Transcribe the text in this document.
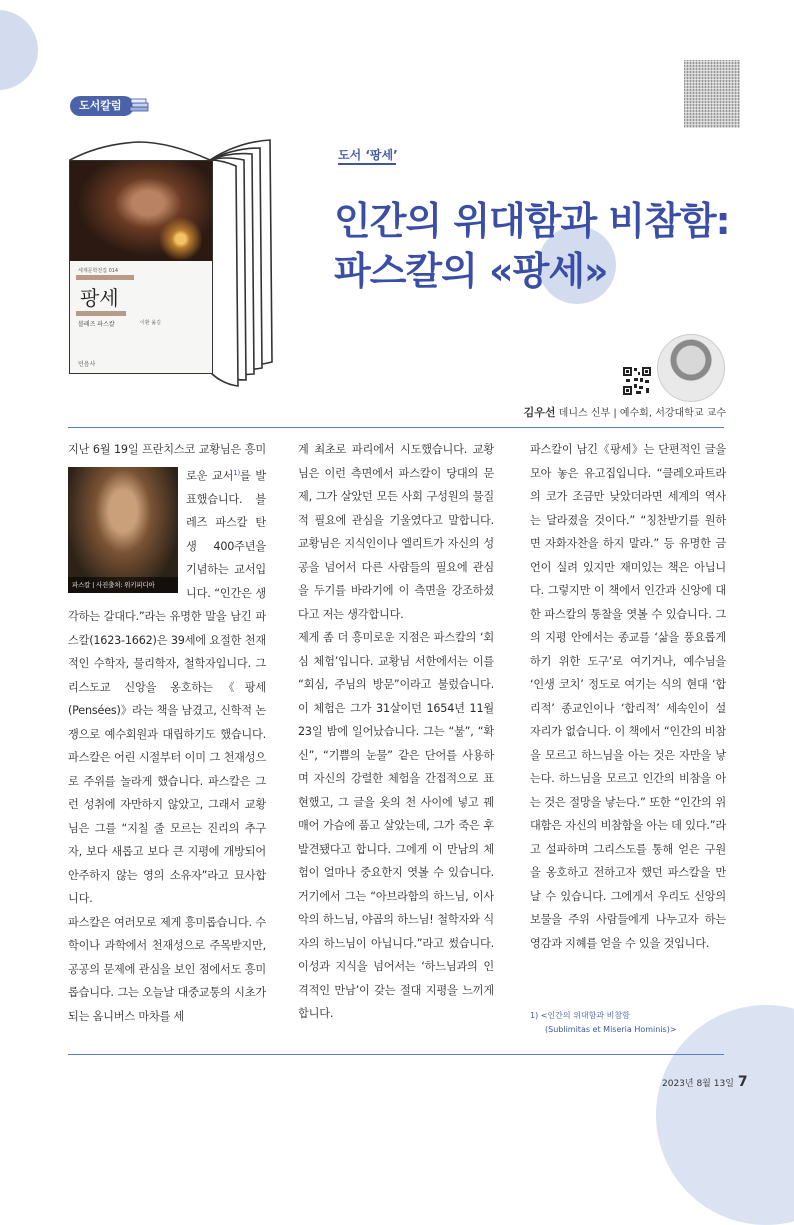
도서칼럼
세계문학전집 014
팡세
블레즈 파스칼	이환 옮김
민음사
도서 ‘팡세’
인간의 위대함과 비참함:
파스칼의 «팡세»
김우선 데니스 신부 | 예수회, 서강대학교 교수

지난 6월 19일 프란치스코 교황님은 흥미로운 교서$^{1)}$
파스칼 | 사진출처: 위키피디아
를 발표했습니다. 블레즈 파스칼 탄생 400주년을 기념하는 교서입니다. “인간은 생각하는 갈대다.”라는 유명한 말을 남긴 파스칼(1623-1662)은 39세에 요절한 천재적인 수학자, 물리학자, 철학자입니다. 그리스도교 신앙을 옹호하는《팡세(Pensées)》라는 책을 남겼고, 신학적 논쟁으로 예수회원과 대립하기도 했습니다. 파스칼은 어린 시절부터 이미 그 천재성으로 주위를 놀라게 했습니다. 파스칼은 그런 성취에 자만하지 않았고, 그래서 교황님은 그를 “지칠 줄 모르는 진리의 추구자, 보다 새롭고 보다 큰 지평에 개방되어 안주하지 않는 영의 소유자”라고 묘사합니다.

파스칼은 여러모로 제게 흥미롭습니다. 수학이나 과학에서 천재성으로 주목받지만, 공공의 문제에 관심을 보인 점에서도 흥미롭습니다. 그는 오늘날 대중교통의 시초가 되는 옴니버스 마차를 세

계 최초로 파리에서 시도했습니다. 교황님은 이런 측면에서 파스칼이 당대의 문제, 그가 살았던 모든 사회 구성원의 물질적 필요에 관심을 기울였다고 말합니다. 교황님은 지식인이나 엘리트가 자신의 성공을 넘어서 다른 사람들의 필요에 관심을 두기를 바라기에 이 측면을 강조하셨다고 저는 생각합니다.

제게 좀 더 흥미로운 지점은 파스칼의 ‘회심 체험’입니다. 교황님 서한에서는 이를 “회심, 주님의 방문”이라고 불렀습니다. 이 체험은 그가 31살이던 1654년 11월 23일 밤에 일어났습니다. 그는 “불”, “확신”, “기쁨의 눈물” 같은 단어를 사용하며 자신의 강렬한 체험을 간접적으로 표현했고, 그 글을 옷의 천 사이에 넣고 꿰매어 가슴에 품고 살았는데, 그가 죽은 후 발견됐다고 합니다. 그에게 이 만남의 체험이 얼마나 중요한지 엿볼 수 있습니다. 거기에서 그는 “아브라함의 하느님, 이사악의 하느님, 야곱의 하느님! 철학자와 식자의 하느님이 아닙니다.”라고 썼습니다. 이성과 지식을 넘어서는 ‘하느님과의 인격적인 만남’이 갖는 절대 지평을 느끼게 합니다.

파스칼이 남긴《팡세》는 단편적인 글을 모아 놓은 유고집입니다. “클레오파트라의 코가 조금만 낮았더라면 세계의 역사는 달라졌을 것이다.” “칭찬받기를 원하면 자화자찬을 하지 말라.” 등 유명한 금언이 실려 있지만 재미있는 책은 아닙니다. 그렇지만 이 책에서 인간과 신앙에 대한 파스칼의 통찰을 엿볼 수 있습니다. 그의 지평 안에서는 종교를 ‘삶을 풍요롭게 하기 위한 도구’로 여기거나, 예수님을 ‘인생 코치’ 정도로 여기는 식의 현대 ‘합리적’ 종교인이나 ‘합리적’ 세속인이 설 자리가 없습니다. 이 책에서 “인간의 비참을 모르고 하느님을 아는 것은 자만을 낳는다. 하느님을 모르고 인간의 비참을 아는 것은 절망을 낳는다.” 또한 “인간의 위대함은 자신의 비참함을 아는 데 있다.”라고 설파하며 그리스도를 통해 얻은 구원을 옹호하고 전하고자 했던 파스칼을 만날 수 있습니다. 그에게서 우리도 신앙의 보물을 주위 사람들에게 나누고자 하는 영감과 지혜를 얻을 수 있을 것입니다.

1) <인간의 위대함과 비참함
(Sublimitas et Miseria Hominis)>
2023년 8월 13일 7
